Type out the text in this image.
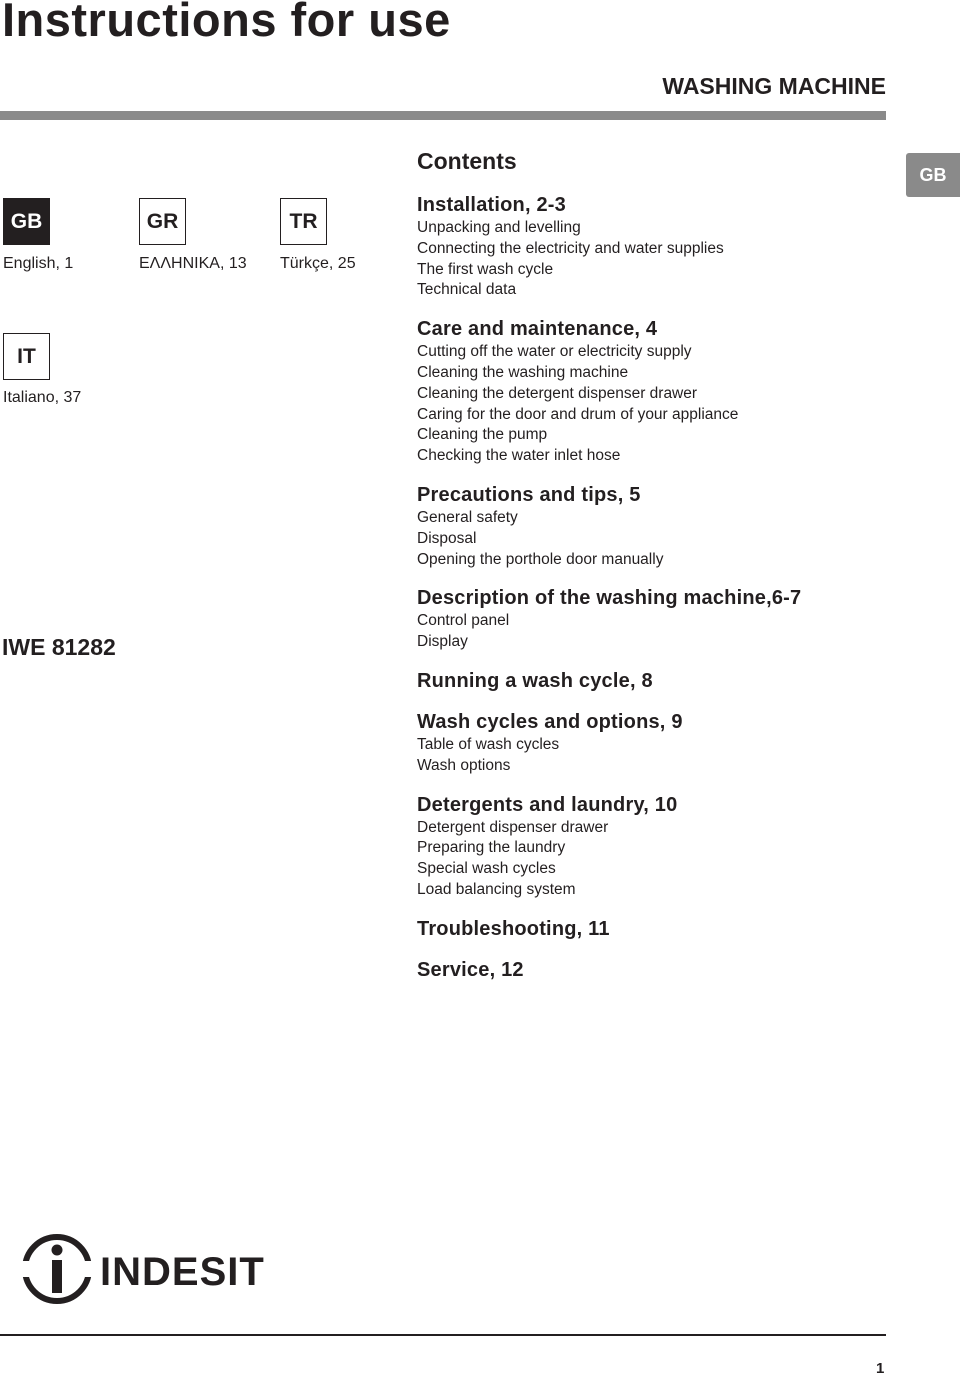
Instructions for use
WASHING MACHINE
GB
GB
English, 1
GR
ΕΛΛΗΝΙΚΑ, 13
TR
Türkçe, 25
IT
Italiano, 37
IWE 81282
Contents
Installation, 2-3
Unpacking and levelling
Connecting the electricity and water supplies
The first wash cycle
Technical data
Care and maintenance, 4
Cutting off the water or electricity supply
Cleaning the washing machine
Cleaning the detergent dispenser drawer
Caring for the door and drum of your appliance
Cleaning the pump
Checking the water inlet hose
Precautions and tips, 5
General safety
Disposal
Opening the porthole door manually
Description of the washing machine,6-7
Control panel
Display
Running a wash cycle, 8
Wash cycles and options, 9
Table of wash cycles
Wash options
Detergents and laundry, 10
Detergent dispenser drawer
Preparing the laundry
Special wash cycles
Load balancing system
Troubleshooting, 11
Service, 12
INDESIT
1
